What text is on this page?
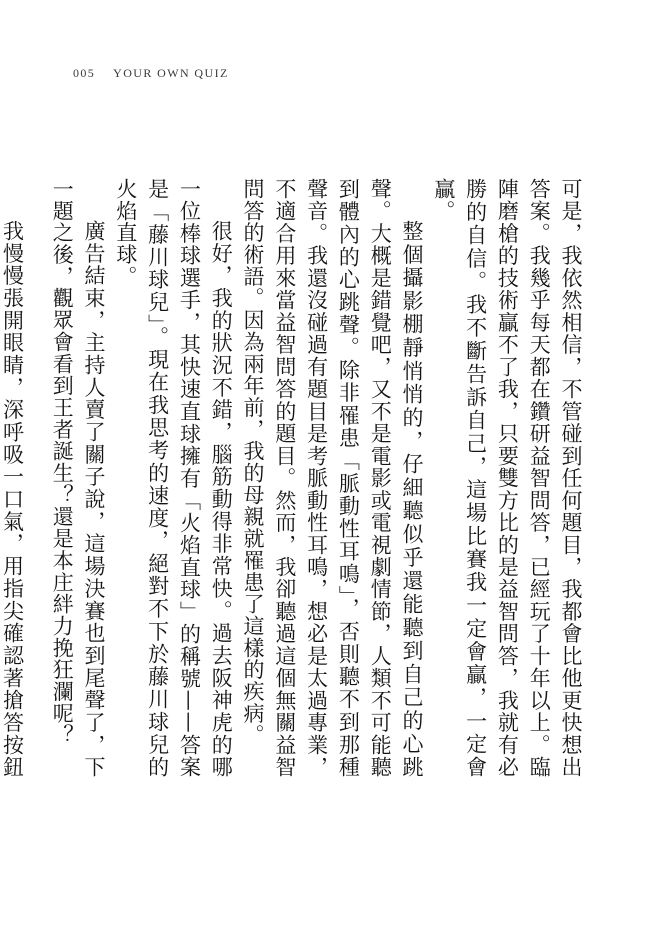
005 YOUR OWN QUIZ

可是，我依然相信，不管碰到任何題目，我都會比他更快想出答案。我幾乎每天都在鑽研益智問答，已經玩了十年以上。臨陣磨槍的技術贏不了我，只要雙方比的是益智問答，我就有必勝的自信。我不斷告訴自己，這場比賽我一定會贏，一定會贏。

整個攝影棚靜悄悄的，仔細聽似乎還能聽到自己的心跳聲。大概是錯覺吧，又不是電影或電視劇情節，人類不可能聽到體內的心跳聲。除非罹患「脈動性耳鳴」，否則聽不到那種聲音。我還沒碰過有題目是考脈動性耳鳴，想必是太過專業，不適合用來當益智問答的題目。然而，我卻聽過這個無關益智問答的術語。因為兩年前，我的母親就罹患了這樣的疾病。

很好，我的狀況不錯，腦筋動得非常快。過去阪神虎的哪一位棒球選手，其快速直球擁有「火焰直球」的稱號——答案是「藤川球兒」。現在我思考的速度，絕對不下於藤川球兒的火焰直球。

廣告結束，主持人賣了關子說，這場決賽也到尾聲了，下一題之後，觀眾會看到王者誕生？還是本庄絆力挽狂瀾呢？

我慢慢張開眼睛，深呼吸一口氣，用指尖確認著搶答按鈕
